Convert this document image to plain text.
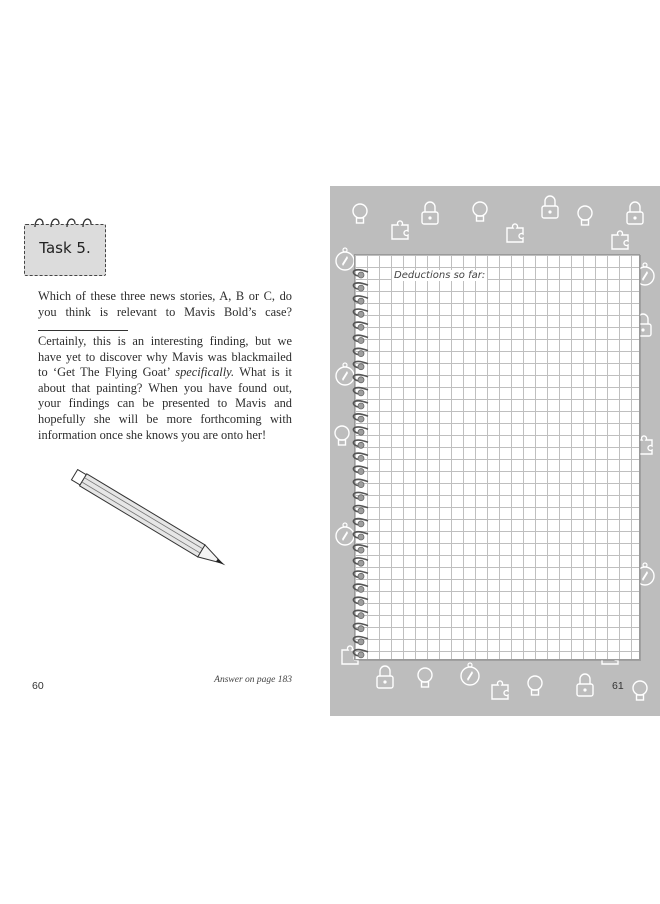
Task 5.

Which of these three news stories, A, B or C, do you think is relevant to Mavis Bold’s case?

Certainly, this is an interesting finding, but we have yet to discover why Mavis was blackmailed to ‘Get The Flying Goat’ specifically. What is it about that painting? When you have found out, your findings can be presented to Mavis and hopefully she will be more forthcoming with information once she knows you are onto her!

Answer on page 183
60
Deductions so far:
61
